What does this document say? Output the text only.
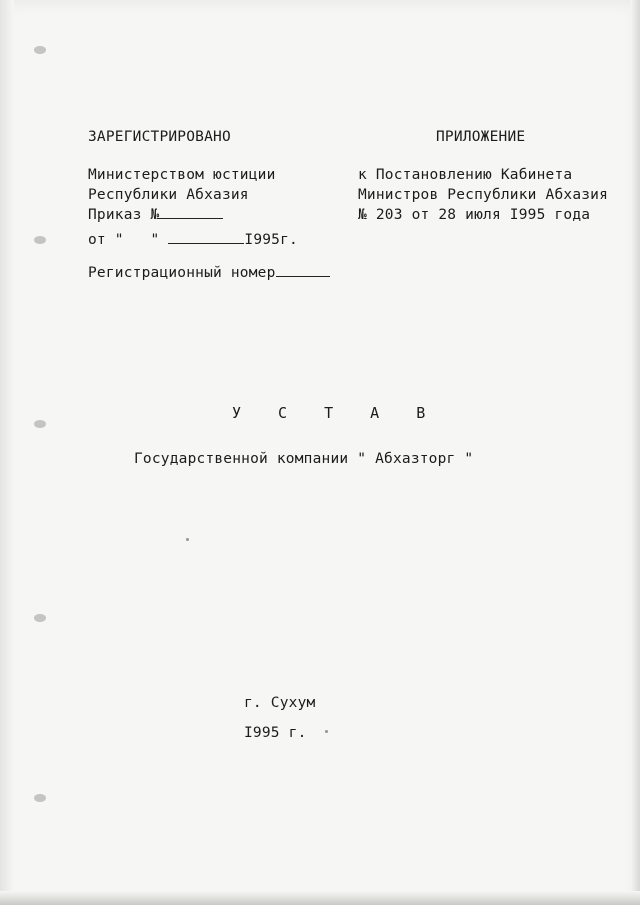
ЗАРЕГИСТРИРОВАНО
Министерством юстиции
Республики Абхазия
Приказ №
от "   "	I995г.
Регистрационный номер
ПРИЛОЖЕНИЕ
к Постановлению Кабинета
Министров Республики Абхазия
№ 203 от 28 июля I995 года
У С Т А В
Государственной компании " Абхазторг "
г. Сухум
I995 г.
